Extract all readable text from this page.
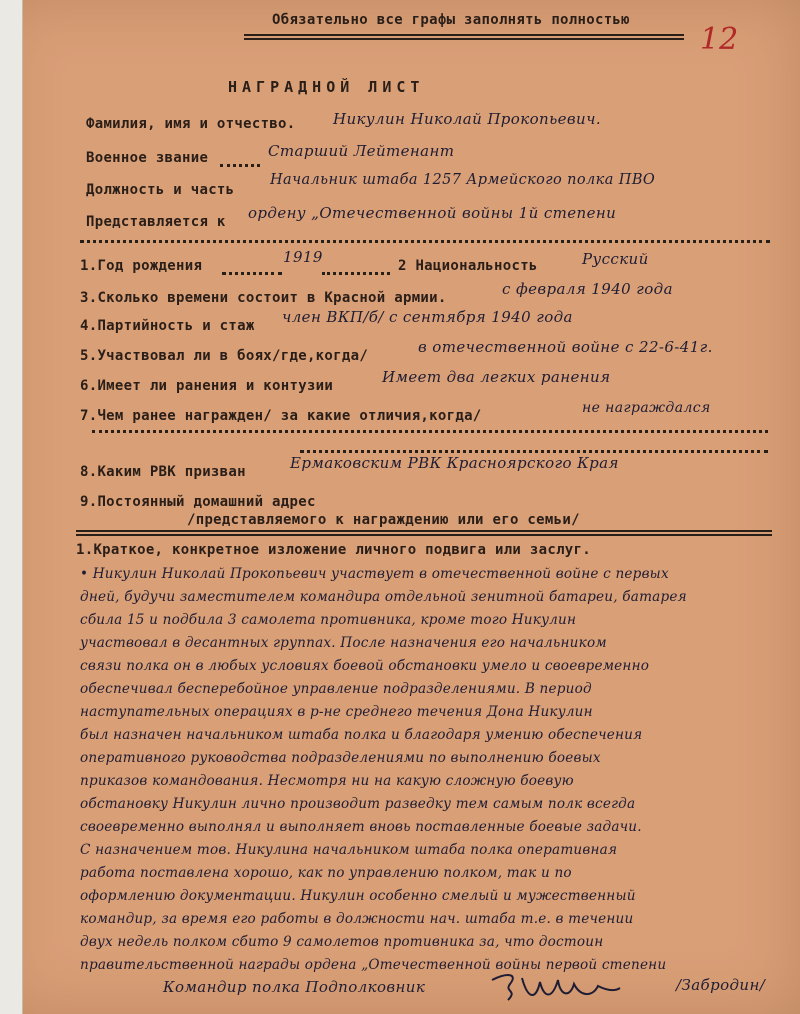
Обязательно все графы заполнять полностью
12
НАГРАДНОЙ ЛИСТ
Фамилия, имя и отчество.	Никулин Николай Прокопьевич.
Военное звание	Старший Лейтенант
Должность и часть
Начальник штаба 1257 Армейского полка ПВО
Представляется к ордену „Отечественной войны 1й степени
1.Год рождения	1919	2 Национальность	Русский
3.Сколько времени состоит в Красной армии.	с февраля 1940 года
4.Партийность и стаж член ВКП/б/ с сентября 1940 года
5.Участвовал ли в боях/где,когда/	в отечественной войне с 22-6-41г.
6.Имеет ли ранения и контузии	Имеет два легких ранения
7.Чем ранее награжден/ за какие отличия,когда/	не награждался
8.Каким РВК призван	Ермаковским РВК Красноярского Края
9.Постоянный домашний адрес
/представляемого к награждению или его семьи/
1.Краткое, конкретное изложение личного подвига или заслуг.
• Никулин Николай Прокопьевич участвует в отечественной войне с первых
дней, будучи заместителем командира отдельной зенитной батареи, батарея
сбила 15 и подбила 3 самолета противника, кроме того Никулин
участвовал в десантных группах. После назначения его начальником
связи полка он в любых условиях боевой обстановки умело и своевременно
обеспечивал бесперебойное управление подразделениями. В период
наступательных операциях в р-не среднего течения Дона Никулин
был назначен начальником штаба полка и благодаря умению обеспечения
оперативного руководства подразделениями по выполнению боевых
приказов командования. Несмотря ни на какую сложную боевую
обстановку Никулин лично производит разведку тем самым полк всегда
своевременно выполнял и выполняет вновь поставленные боевые задачи.
С назначением тов. Никулина начальником штаба полка оперативная
работа поставлена хорошо, как по управлению полком, так и по
оформлению документации. Никулин особенно смелый и мужественный
командир, за время его работы в должности нач. штаба т.е. в течении
двух недель полком сбито 9 самолетов противника за, что достоин
правительственной награды ордена „Отечественной войны первой степени
Командир полка Подполковник	/Забродин/
